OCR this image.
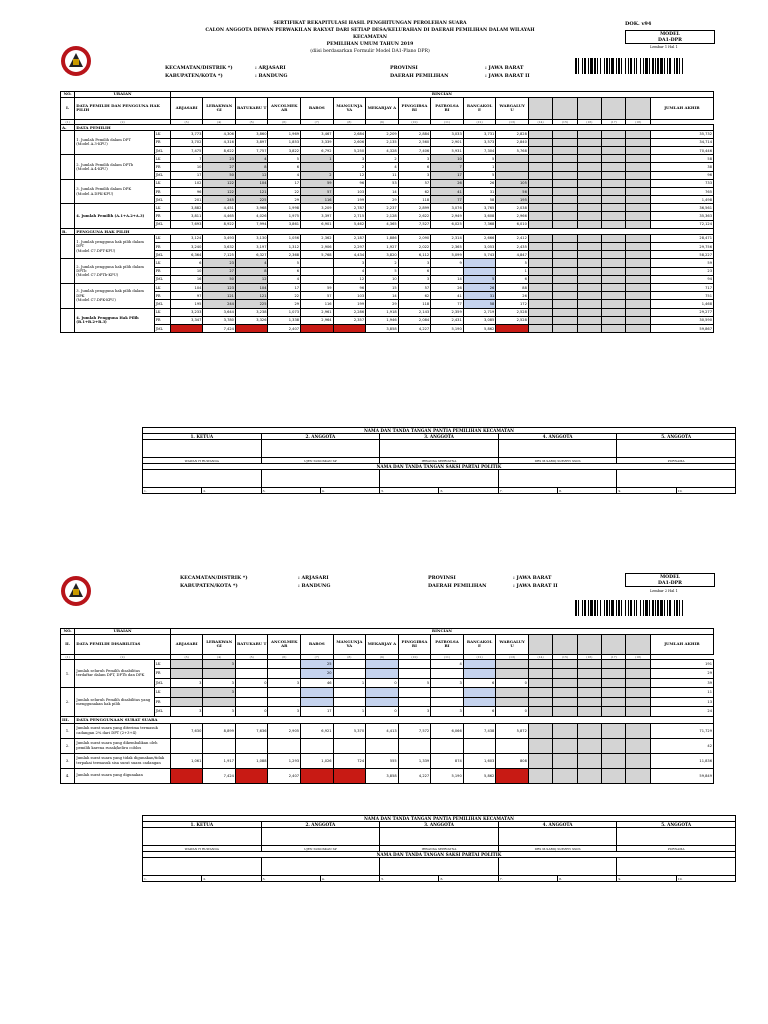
SERTIFIKAT REKAPITULASI HASIL PENGHITUNGAN PEROLEHAN SUARA
CALON ANGGOTA DEWAN PERWAKILAN RAKYAT DARI SETIAP DESA/KELURAHAN DI DAERAH PEMILIHAN DALAM WILAYAH KECAMATAN
PEMILIHAN UMUM TAHUN 2019
(diisi berdasarkan Formulir Model DA1-Plano DPR)
DOK. v94
MODEL
DA1-DPR
Lembar 1 Hal 1
KECAMATAN/DISTRIK *)	: ARJASARI
KABUPATEN/KOTA *)	: BANDUNG
PROVINSI	: JAWA BARAT
DAERAH PEMILIHAN	: JAWA BARAT II
NO.	URAIAN		RINCIAN																
I.	DATA PEMILIH DAN PENGGUNA HAK PILIH		ARJASARI	LEBAKWAN GI	BATUKARU T	ANCOLMEK AR	BAROS	MANGUNJA YA	MEKARJAY A	PINGGIRSA RI	PATROLSA RI	RANCAKOL E	WARGALUY U						JUMLAH AKHIR
(1)	(2)		(3)	(4)	(5)	(6)	(7)	(8)	(9)	(10)	(11)	(12)	(13)	(14)	(15)	(16)	(17)	(18)	
A.	DATA PEMILIH																		

	1. Jumlah Pemilih dalam DPT
(Model A.3-KPU)	LK	3,773	4,306	3,860	1,969	3,467	2,684	2,209	2,884	3,033	3,731	2,828						35,732
		PR	3,702	4,316	3,897	1,853	3,339	2,606	2,135	2,560	2,901	3,573	2,840						34,714
		JML	7,475	8,622	7,757	3,822	6,792	5,250	4,328	7,406	5,931	7,304	5,768						70,446

	2. Jumlah Pemilih dalam DPTb
(Model A.4-KPU)	LK	7	23	4	5	1	3	2	3	10	5							58
		PR	10	27	8	6		2	4	6	7	1							38
		JML	17	50	12	4	2	12	11	3	17	5							96

	3. Jumlah Pemilih dalam DPK
(Model A.DPK-KPU)	LK	102	122	104	17	59	96	53	57	26	26	105						733
		PR	96	122	121	22	57	103	14	62	41	31	56						765
		JML	201	245	225	29	116	199	29	118	77	58	195						1,498

	4. Jumlah Pemilih (A.1+A.2+A.3)	LK	3,882	4,451	3,968	1,998	3,209	2,787	2,237	2,899	3,076	3,765	2,038						36,561
		PR	3,811	4,465	4,026	1,975	3,397	2,715	2,128	2,622	2,949	3,608	2,966						35,363
		JML	7,693	8,922	7,994	3,861	6,901	5,462	4,365	7,527	6,025	7,368	6,010						72,124
B.	PENGGUNA HAK PILIH																		

	1. Jumlah pengguna hak pilih dalam DPT
(Model C7.DPT-KPU)	LK	3,124	3,493	3,130	1,056	2,362	2,187	1,886	2,090	2,314	2,666	2,412						28,471
		PR	3,240	3,632	3,197	1,312	2,906	2,297	1,927	2,022	2,365	3,053	2,435						29,756
		JML	6,364	7,125	6,327	2,368	5,768	4,434	3,820	6,112	5,099	5,743	4,847						58,227

	2. Jumlah pengguna hak pilih dalam DPTb
(Model C7.DPTb-KPU)	LK	6	23	4	5		3	2	3	9		5						59
		PR	10	27	8	6		4	5	6			1						23
		JML	16	50	12	4		12	10	3	14	5	6						94

	3. Jumlah pengguna hak pilih dalam DPK
(Model C7.DPK-KPU)	LK	104	123	104	17	59	96	15	57	26	26	88						717
		PR	97	121	121	22	57	103	14	62	41	31	26						751
		JML	195	244	225	29	116	199	29	118	77	58	172						1,468

	4. Jumlah Pengguna Hak Pilih
(B.1+B.2+B.3)	LK	3,233	3,644	3,238	1,073	2,961	2,286	1,918	2,143	2,359	2,719	2,528						29,277
		PR	3,347	3,780	3,326	1,338	2,964	2,357	1,946	2,084	2,431	3,085	2,528						30,590
		JML		7,424		2,407			3,858	4,227	5,190	5,862							59,867
NAMA DAN TANDA TANGAN PANTIA PEMILIHAN KECAMATAN									
1. KETUA		2. ANGGOTA		3. ANGGOTA		4. ANGGOTA		5. ANGGOTA	

WAWAN H RUWANDA		UJEN SUKOSKAN SP		IRWANSA SEPRIATNA		DRS M.SABIQ SUEZEN SSOS		PURNAMA	
NAMA DAN TANDA TANGAN SAKSI PARTAI POLITIK									

1.	2.	3.	4.	5.	6.	7.	8.	9.	10.
KECAMATAN/DISTRIK *)	: ARJASARI
KABUPATEN/KOTA *)	: BANDUNG
PROVINSI	: JAWA BARAT
DAERAH PEMILIHAN	: JAWA BARAT II
MODEL
DA1-DPR
Lembar 2 Hal 1
NO.	URAIAN		RINCIAN																
II.	DATA PEMILIH DISABILITAS		ARJASARI	LEBAKWAN GI	BATUKARU T	ANCOLMEK AR	BAROS	MANGUNJA YA	MEKARJAY A	PINGGIRSA RI	PATROLSA RI	RANCAKOL E	WARGALUY U						JUMLAH AKHIR
(1)	(2)		(3)	(4)	(5)	(6)	(7)	(8)	(9)	(10)	(11)	(12)	(13)	(14)	(15)	(16)	(17)	(18)	
1.	Jumlah seluruh Pemilih disabilitas terdaftar dalam DPT, DPTb dan DPK	LK		3			25				4								191
		PR					20												29
		JML	3	3	0	3	46	1	0	5	3	6	0						39
2.	Jumlah seluruh Pemilih disabilitas yang menggunakan hak pilih	LK		3															11
		PR																	13
		JML	3	3	0	3	17	1	0	3	3	6	0						24
III.	DATA PENGGUNAAN SURAT SUARA																		
1.	Jumlah surat suara yang diterima termasuk cadangan 2% dari DPT (2+3+4)		7,630	8,899	7,636	2,905	6,921	5,370	4,413	7,572	6,066	7,438	5,872						71,729
2.	Jumlah surat suara yang dikembalikan oleh pemilih karena rusak/keliru coblos																		42
3.	Jumlah surat suara yang tidak digunakan/tidak terpakai termasuk sisa surat suara cadangan		1,061	1,917	1,088	1,293	1,026	724	555	1,339	874	1,603	808						11,836
4.	Jumlah surat suara yang digunakan			7,424		2,407			3,858	4,227	5,190	5,862							59,849
NAMA DAN TANDA TANGAN PANTIA PEMILIHAN KECAMATAN									
1. KETUA		2. ANGGOTA		3. ANGGOTA		4. ANGGOTA		5. ANGGOTA	

WAWAN H RUWANDA		UJEN SUKOSKAN SP		IRWANSA SEPRIATNA		DRS M.SABIQ SUEZEN SSOS		PURNAMA	
NAMA DAN TANDA TANGAN SAKSI PARTAI POLITIK									

1.	2.	3.	4.	5.	6.	7.	8.	9.	10.
